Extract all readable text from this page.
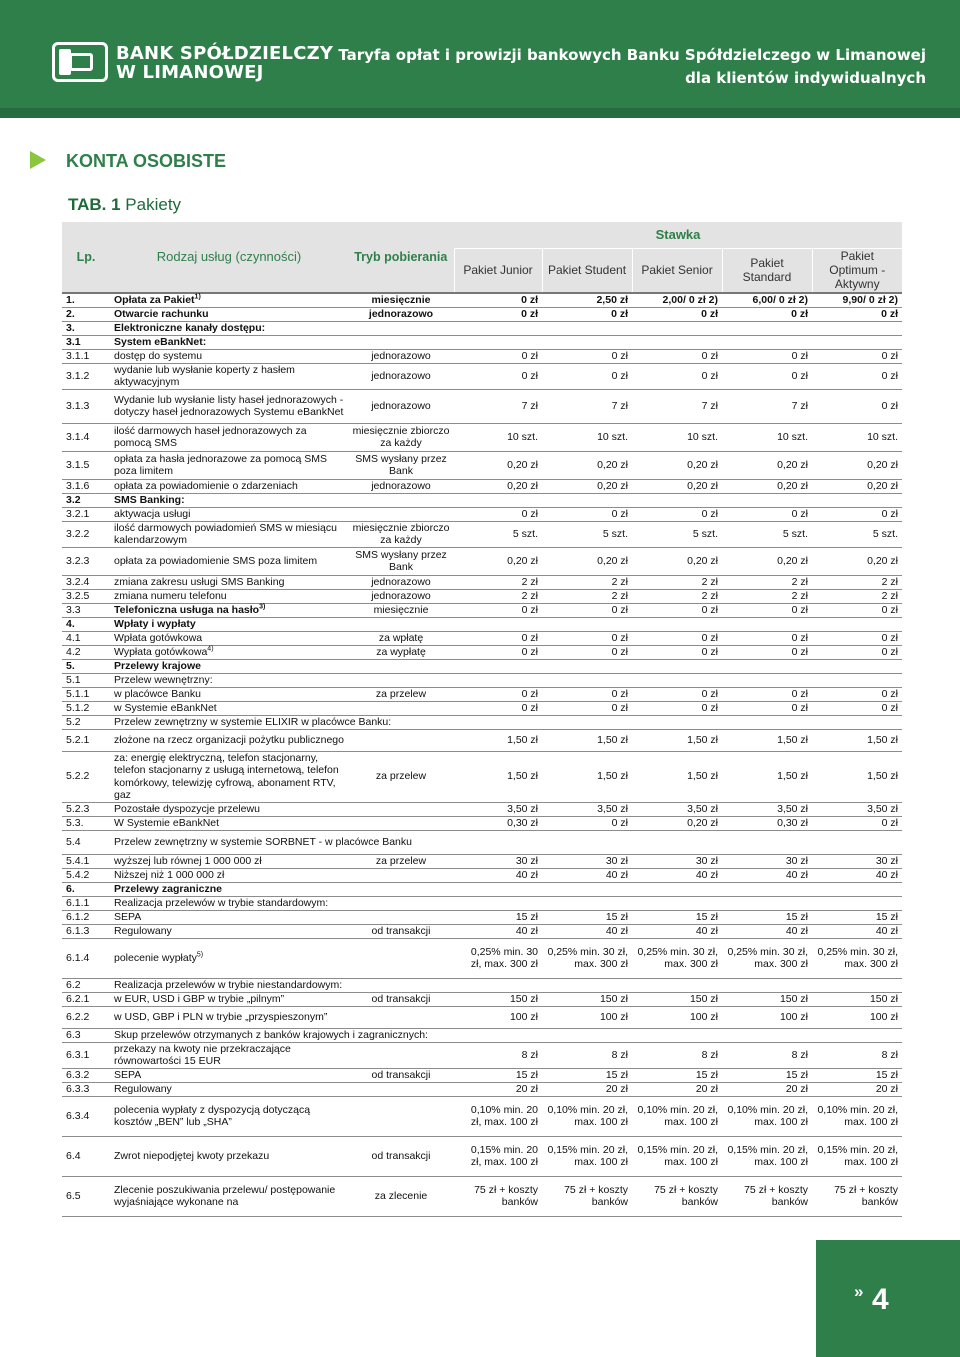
BANK SPÓŁDZIELCZY
W LIMANOWEJ
Taryfa opłat i prowizji bankowych Banku Spółdzielczego w Limanowej
dla klientów indywidualnych
KONTA OSOBISTE
TAB. 1 Pakiety
Lp.	Rodzaj usług (czynności)	Tryb pobierania	Stawka				
			Pakiet Junior	Pakiet Student	Pakiet Senior	Pakiet Standard	Pakiet Optimum - Aktywny
1.	Opłata za Pakiet$^{1)}$	miesięcznie	0 zł	2,50 zł	2,00/ 0 zł 2)	6,00/ 0 zł 2)	9,90/ 0 zł 2)
2.	Otwarcie rachunku	jednorazowo	0 zł	0 zł	0 zł	0 zł	0 zł
3.	Elektroniczne kanały dostępu:						
3.1	System eBankNet:						
3.1.1	dostęp do systemu	jednorazowo	0 zł	0 zł	0 zł	0 zł	0 zł
3.1.2	wydanie lub wysłanie koperty z hasłem aktywacyjnym	jednorazowo	0 zł	0 zł	0 zł	0 zł	0 zł
3.1.3	Wydanie lub wysłanie listy haseł jednorazowych - dotyczy haseł jednorazowych Systemu eBankNet	jednorazowo	7 zł	7 zł	7 zł	7 zł	0 zł
3.1.4	ilość darmowych haseł jednorazowych za pomocą SMS	miesięcznie zbiorczo za każdy	10 szt.	10 szt.	10 szt.	10 szt.	10 szt.
3.1.5	opłata za hasła jednorazowe za pomocą SMS poza limitem	SMS wysłany przez Bank	0,20 zł	0,20 zł	0,20 zł	0,20 zł	0,20 zł
3.1.6	opłata za powiadomienie o zdarzeniach	jednorazowo	0,20 zł	0,20 zł	0,20 zł	0,20 zł	0,20 zł
3.2	SMS Banking:						
3.2.1	aktywacja usługi		0 zł	0 zł	0 zł	0 zł	0 zł
3.2.2	ilość darmowych powiadomień SMS w miesiącu kalendarzowym	miesięcznie zbiorczo za każdy	5 szt.	5 szt.	5 szt.	5 szt.	5 szt.
3.2.3	opłata za powiadomienie SMS poza limitem	SMS wysłany przez Bank	0,20 zł	0,20 zł	0,20 zł	0,20 zł	0,20 zł
3.2.4	zmiana zakresu usługi SMS Banking	jednorazowo	2 zł	2 zł	2 zł	2 zł	2 zł
3.2.5	zmiana numeru telefonu	jednorazowo	2 zł	2 zł	2 zł	2 zł	2 zł
3.3	Telefoniczna usługa na hasło$^{3)}$	miesięcznie	0 zł	0 zł	0 zł	0 zł	0 zł
4.	Wpłaty i wypłaty						
4.1	Wpłata gotówkowa	za wpłatę	0 zł	0 zł	0 zł	0 zł	0 zł
4.2	Wypłata gotówkowa$^{4)}$	za wypłatę	0 zł	0 zł	0 zł	0 zł	0 zł
5.	Przelewy krajowe						
5.1	Przelew wewnętrzny:						
5.1.1	w placówce Banku	za przelew	0 zł	0 zł	0 zł	0 zł	0 zł
5.1.2	w Systemie eBankNet		0 zł	0 zł	0 zł	0 zł	0 zł
5.2	Przelew zewnętrzny w systemie ELIXIR w placówce Banku:						
5.2.1	złożone na rzecz organizacji pożytku publicznego		1,50 zł	1,50 zł	1,50 zł	1,50 zł	1,50 zł
5.2.2	za: energię elektryczną, telefon stacjonarny, telefon stacjonarny z usługą internetową, telefon komórkowy, telewizję cyfrową, abonament RTV, gaz	za przelew	1,50 zł	1,50 zł	1,50 zł	1,50 zł	1,50 zł
5.2.3	Pozostałe dyspozycje przelewu		3,50 zł	3,50 zł	3,50 zł	3,50 zł	3,50 zł
5.3.	W Systemie eBankNet		0,30 zł	0 zł	0,20 zł	0,30 zł	0 zł
5.4	Przelew zewnętrzny w systemie SORBNET - w placówce Banku						
5.4.1	wyższej lub równej 1 000 000 zł	za przelew	30 zł	30 zł	30 zł	30 zł	30 zł
5.4.2	Niższej niż 1 000 000 zł		40 zł	40 zł	40 zł	40 zł	40 zł
6.	Przelewy zagraniczne						
6.1.1	Realizacja przelewów w trybie standardowym:						
6.1.2	SEPA		15 zł	15 zł	15 zł	15 zł	15 zł
6.1.3	Regulowany	od transakcji	40 zł	40 zł	40 zł	40 zł	40 zł
6.1.4	polecenie wypłaty$^{5)}$		0,25% min. 30 zł, max. 300 zł	0,25% min. 30 zł, max. 300 zł	0,25% min. 30 zł, max. 300 zł	0,25% min. 30 zł, max. 300 zł	0,25% min. 30 zł, max. 300 zł
6.2	Realizacja przelewów w trybie niestandardowym:						
6.2.1	w EUR, USD i GBP w trybie „pilnym”	od transakcji	150 zł	150 zł	150 zł	150 zł	150 zł
6.2.2	w USD, GBP i PLN w trybie „przyspieszonym”		100 zł	100 zł	100 zł	100 zł	100 zł
6.3	Skup przelewów otrzymanych z banków krajowych i zagranicznych:						
6.3.1	przekazy na kwoty nie przekraczające równowartości 15 EUR		8 zł	8 zł	8 zł	8 zł	8 zł
6.3.2	SEPA	od transakcji	15 zł	15 zł	15 zł	15 zł	15 zł
6.3.3	Regulowany		20 zł	20 zł	20 zł	20 zł	20 zł
6.3.4	polecenia wypłaty z dyspozycją dotyczącą kosztów „BEN” lub „SHA”		0,10% min. 20 zł, max. 100 zł	0,10% min. 20 zł, max. 100 zł	0,10% min. 20 zł, max. 100 zł	0,10% min. 20 zł, max. 100 zł	0,10% min. 20 zł, max. 100 zł
6.4	Zwrot niepodjętej kwoty przekazu	od transakcji	0,15% min. 20 zł, max. 100 zł	0,15% min. 20 zł, max. 100 zł	0,15% min. 20 zł, max. 100 zł	0,15% min. 20 zł, max. 100 zł	0,15% min. 20 zł, max. 100 zł
6.5	Zlecenie poszukiwania przelewu/ postępowanie wyjaśniające wykonane na	za zlecenie	75 zł + koszty banków	75 zł + koszty banków	75 zł + koszty banków	75 zł + koszty banków	75 zł + koszty banków
» 4
